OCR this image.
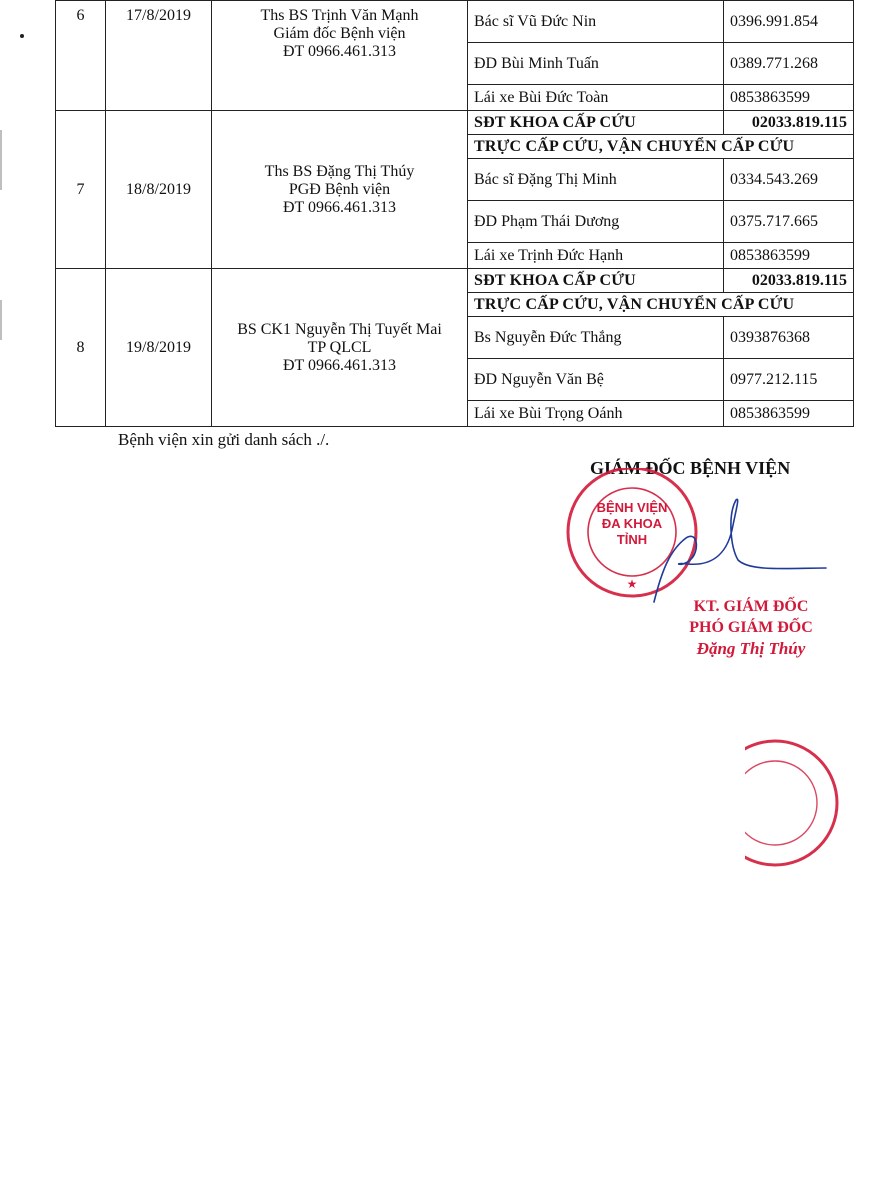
6	17/8/2019	Ths BS Trịnh Văn Mạnh
Giám đốc Bệnh viện
ĐT 0966.461.313	Bác sĩ Vũ Đức Nin	0396.991.854
			ĐD Bùi Minh Tuấn	0389.771.268
			Lái xe Bùi Đức Toàn	0853863599
7	18/8/2019	Ths BS Đặng Thị Thúy
PGĐ Bệnh viện
ĐT 0966.461.313	SĐT KHOA CẤP CỨU	02033.819.115
			TRỰC CẤP CỨU, VẬN CHUYỂN CẤP CỨU	
			Bác sĩ Đặng Thị Minh	0334.543.269
			ĐD Phạm Thái Dương	0375.717.665
			Lái xe Trịnh Đức Hạnh	0853863599
8	19/8/2019	BS CK1 Nguyễn Thị Tuyết Mai
TP QLCL
ĐT 0966.461.313	SĐT KHOA CẤP CỨU	02033.819.115
			TRỰC CẤP CỨU, VẬN CHUYỂN CẤP CỨU	
			Bs Nguyễn Đức Thắng	0393876368
			ĐD Nguyễn Văn Bệ	0977.212.115
			Lái xe Bùi Trọng Oánh	0853863599
Bệnh viện xin gửi danh sách ./.
GIÁM ĐỐC BỆNH VIỆN
BỆNH VIỆN
ĐA KHOA
TỈNH
★
KT. GIÁM ĐỐC
PHÓ GIÁM ĐỐC
Đặng Thị Thúy
